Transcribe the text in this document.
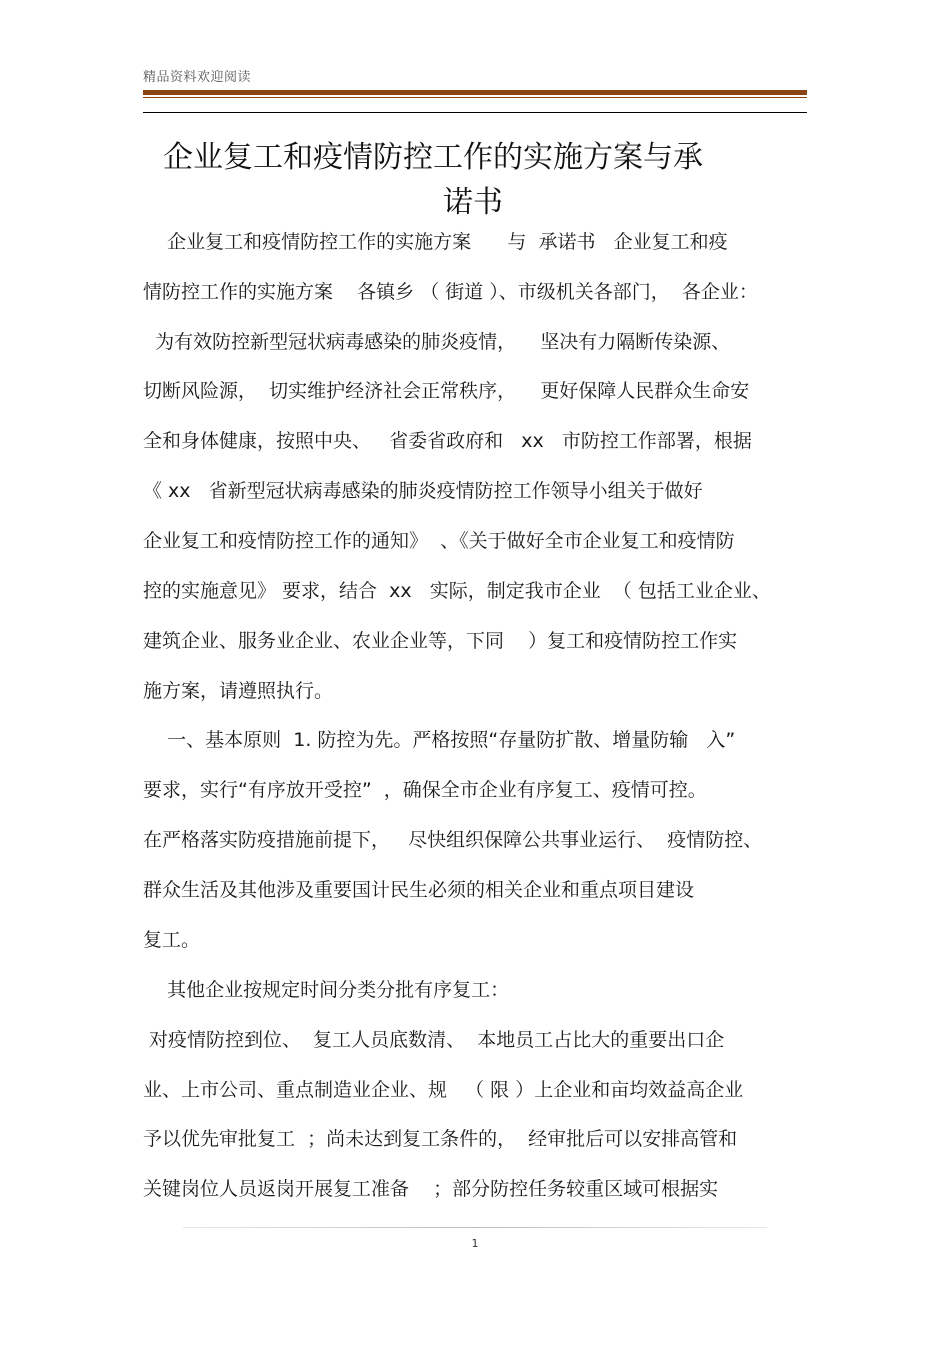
精品资料欢迎阅读
企业复工和疫情防控工作的实施方案与承
诺书
企业复工和疫情防控工作的实施方案      与  承诺书   企业复工和疫
情防控工作的实施方案    各镇乡 （ 街道 ）、市级机关各部门，  各企业：
为有效防控新型冠状病毒感染的肺炎疫情，    坚决有力隔断传染源、
切断风险源，  切实维护经济社会正常秩序，    更好保障人民群众生命安
全和身体健康，按照中央、   省委省政府和   xx   市防控工作部署，根据
《 xx   省新型冠状病毒感染的肺炎疫情防控工作领导小组关于做好
企业复工和疫情防控工作的通知》  、《关于做好全市企业复工和疫情防
控的实施意见》 要求，结合  xx   实际，制定我市企业  （ 包括工业企业、
建筑企业、服务业企业、农业企业等，下同    ）复工和疫情防控工作实
施方案，请遵照执行。
一、基本原则  1. 防控为先。严格按照“存量防扩散、增量防输   入”
要求，实行“有序放开受控”  ，确保全市企业有序复工、疫情可控。
在严格落实防疫措施前提下，   尽快组织保障公共事业运行、  疫情防控、
群众生活及其他涉及重要国计民生必须的相关企业和重点项目建设
复工。
其他企业按规定时间分类分批有序复工：
对疫情防控到位、  复工人员底数清、  本地员工占比大的重要出口企
业、上市公司、重点制造业企业、规   （ 限 ）上企业和亩均效益高企业
予以优先审批复工  ；尚未达到复工条件的，  经审批后可以安排高管和
关键岗位人员返岗开展复工准备    ；部分防控任务较重区域可根据实
1
